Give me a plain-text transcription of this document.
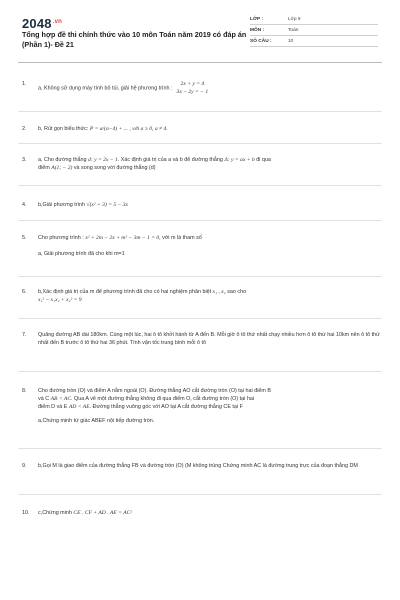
$2048^{.vn}$
Tổng hợp đề thi chính thức vào 10 môn Toán năm 2019 có đáp án (Phần 1)- Đề 21
LỚP :	Lớp 9
MÔN :	Toán
SỐ CÂU :	10
1.
a, Không sử dụng máy tính bỏ túi, giải hệ phương trình :2x + y = 4
3x − 2y = − 1
2.	b, Rút gọn biểu thức: P = a/(a−4) + ... , với a ≥ 0, a ≠ 4.
3.	a, Cho đường thẳng d: y = 2x − 1. Xác định giá trị của a và b để đường thẳng Δ: y = ax + b đi qua
điểm A(1; − 2) và song song với đường thẳng (d)
4.	b,Giải phương trình √(x² + 3) = 5 − 3x
5.	Cho phương trình : x² + 2m − 2x + m² − 3m − 1 = 0, với m là tham số
a, Giải phương trình đã cho khi m=1
6.	b,Xác định giá trị của m để phương trình đã cho có hai nghiệm phân biệt x₁ , x₂ sao cho
x₁² − x₁x₂ + x₂² = 9
7.	Quãng đường AB dài 180km. Cùng một lúc, hai ô tô khởi hành từ A đến B. Mỗi giờ ô tô thứ nhất chạy nhiều hơn ô tô thứ hai 10km nên ô tô thứ nhất đến B trước ô tô thứ hai 36 phút. Tính vận tốc trung bình mỗi ô tô
8.	Cho đường tròn (O) và điểm A nằm ngoài (O). Đường thẳng AO cắt đường tròn (O) tại hai điểm B
và C AB < AC. Qua A vẽ một đường thẳng không đi qua điểm O, cắt đường tròn (O) tại hai
điểm D và E AD < AE. Đường thẳng vuông góc với AO tại A cắt đường thẳng CE tại F
a,Chứng minh tứ giác ABEF nội tiếp đường tròn.
9.	b,Gọi M là giao điểm của đường thẳng FB và đường tròn (O) (M không trùng Chứng minh AC là đường trung trực của đoạn thẳng DM
10.	c,Chứng minh CE . CF + AD . AE = AC²
